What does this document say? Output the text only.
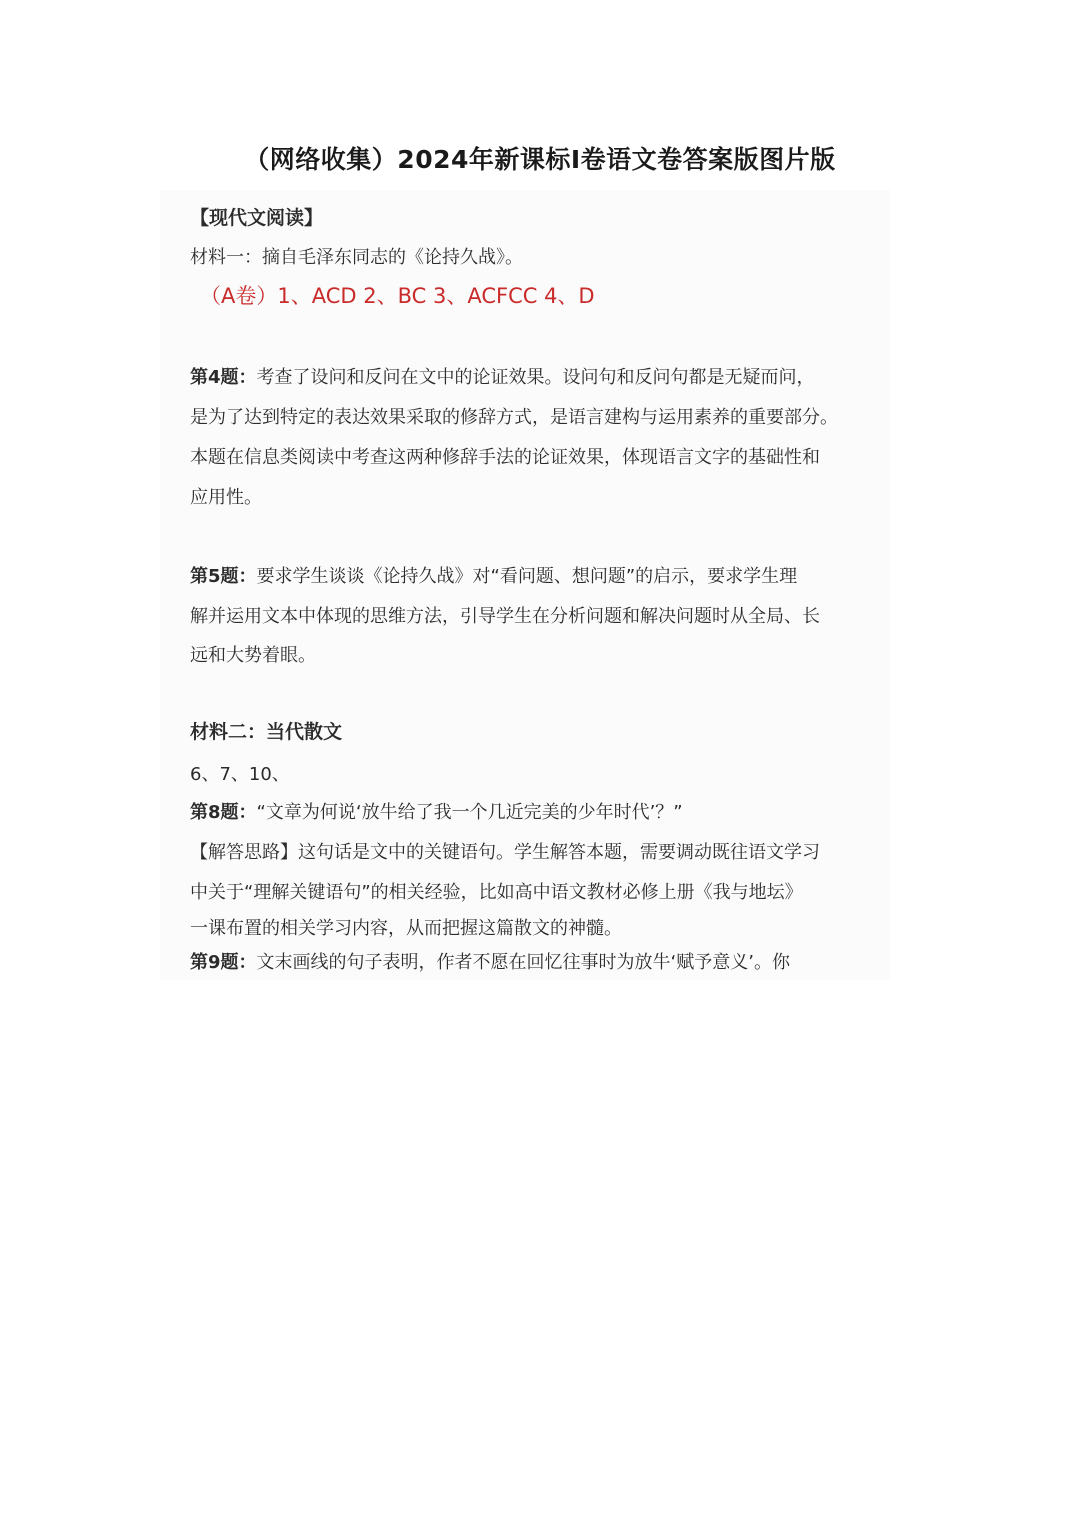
（网络收集）2024年新课标Ⅰ卷语文卷答案版图片版
【现代文阅读】
材料一：摘自毛泽东同志的《论持久战》。
（A卷）1、ACD 2、BC 3、ACFCC 4、D
第4题：考查了设问和反问在文中的论证效果。设问句和反问句都是无疑而问，
是为了达到特定的表达效果采取的修辞方式，是语言建构与运用素养的重要部分。
本题在信息类阅读中考查这两种修辞手法的论证效果，体现语言文字的基础性和
应用性。
第5题：要求学生谈谈《论持久战》对“看问题、想问题”的启示，要求学生理
解并运用文本中体现的思维方法，引导学生在分析问题和解决问题时从全局、长
远和大势着眼。
材料二：当代散文
6、7、10、
第8题：“文章为何说‘放牛给了我一个几近完美的少年时代’？”
【解答思路】这句话是文中的关键语句。学生解答本题，需要调动既往语文学习
中关于“理解关键语句”的相关经验，比如高中语文教材必修上册《我与地坛》
一课布置的相关学习内容，从而把握这篇散文的神髓。
第9题：文末画线的句子表明，作者不愿在回忆往事时为放牛‘赋予意义’。你
